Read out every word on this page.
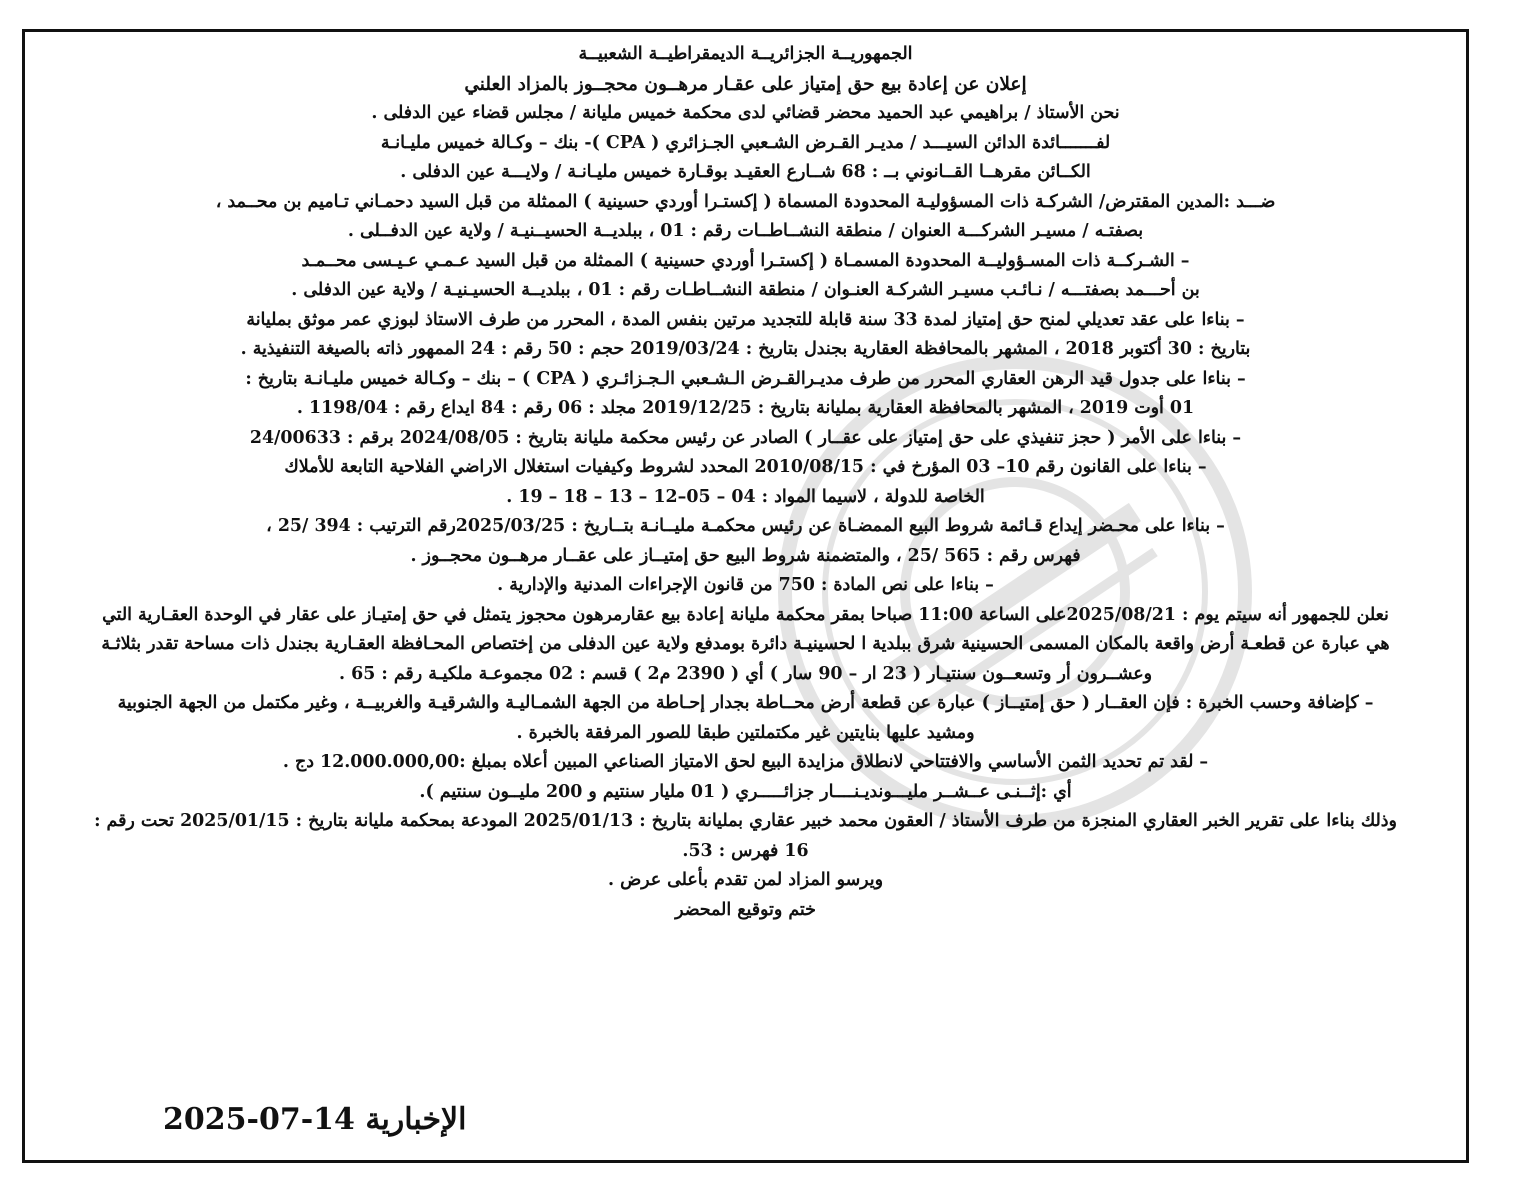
الجمهوريــة الجزائريــة الديمقراطيــة الشعبيــة

إعلان عن إعادة بيع حق إمتياز على عقـار مرهــون محجــوز بالمزاد العلني

نحن الأستاذ / براهيمي عبد الحميد محضر قضائي لدى محكمة خميس مليانة / مجلس قضاء عين الدفلى .

لفـــــــائدة الدائن السيـــد / مديـر القـرض الشـعبي الجـزائري ( CPA )- بنك – وكـالة خميس مليـانـة

الكــائن مقرهــا القــانوني بــ : 68 شــارع العقيـد بوقـارة خميس مليـانـة / ولايـــة عين الدفلى .

ضـــد :المدين المقترض/ الشركـة ذات المسؤوليـة المحدودة المسماة ( إكستـرا أوردي حسينية ) الممثلة من قبل السيد دحمـاني تـاميم بن محــمد ،

بصفتـه / مسيـر الشركـــة العنوان / منطقة النشــاطــات رقم : 01 ، ببلديــة الحسيــنيـة / ولاية عين الدفــلى .

– الشـركــة ذات المسـؤوليــة المحدودة المسمـاة ( إكستـرا أوردي حسينية ) الممثلة من قبل السيد عـمـي عـيـسى محــمـد

بن أحـــمد بصفتـــه / نـائـب مسيـر الشركـة العنـوان / منطقة النشــاطـات رقم : 01 ، ببلديــة الحسيـنيـة / ولاية عين الدفلى .

– بناءا على عقد تعديلي لمنح حق إمتياز لمدة 33 سنة قابلة للتجديد مرتين بنفس المدة ، المحرر من طرف الاستاذ لبوزي عمر موثق بمليانة

بتاريخ : 30 أكتوبر 2018 ، المشهر بالمحافظة العقارية بجندل بتاريخ : 2019/03/24 حجم : 50 رقم : 24 الممهور ذاته بالصيغة التنفيذية .

– بناءا على جدول قيد الرهن العقاري المحرر من طرف مديـرالقـرض الـشـعبي الـجـزائـري ( CPA ) – بنك – وكـالة خميس مليـانـة بتاريخ :

01 أوت 2019 ، المشهر بالمحافظة العقارية بمليانة بتاريخ : 2019/12/25 مجلد : 06 رقم : 84 ايداع رقم : 1198/04 .

– بناءا على الأمر ( حجز تنفيذي على حق إمتياز على عقــار ) الصادر عن رئيس محكمة مليانة بتاريخ : 2024/08/05 برقم : 24/00633

– بناءا على القانون رقم 10– 03 المؤرخ في : 2010/08/15 المحدد لشروط وكيفيات استغلال الاراضي الفلاحية التابعة للأملاك

الخاصة للدولة ، لاسيما المواد : 04 – 05–12 – 13 – 18 – 19 .

– بناءا على محـضر إيداع قـائمة شروط البيع الممضـاة عن رئيس محكمـة مليــانـة بتــاريخ : 2025/03/25رقم الترتيب : 394 /25 ،

فهرس رقم : 565 /25 ، والمتضمنة شروط البيع حق إمتيــاز على عقــار مرهــون محجــوز .

– بناءا على نص المادة : 750 من قانون الإجراءات المدنية والإدارية .

نعلن للجمهور أنه سيتم يوم : 2025/08/21على الساعة 11:00 صباحا بمقر محكمة مليانة إعادة بيع عقارمرهون محجوز يتمثل في حق إمتيـاز على عقار في الوحدة العقـارية التي

هي عبارة عن قطعـة أرض واقعة بالمكان المسمى الحسينية شرق ببلدية ا لحسينيـة دائرة بومدفع ولاية عين الدفلى من إختصاص المحـافظة العقـارية بجندل ذات مساحة تقدر بثلاثـة

وعشــرون أر وتسعــون سنتيـار ( 23 ار – 90 سار ) أي ( 2390 م2 ) قسم : 02 مجموعـة ملكيـة رقم : 65 .

– كإضافة وحسب الخبرة : فإن العقــار ( حق إمتيــاز ) عبارة عن قطعة أرض محــاطة بجدار إحـاطة من الجهة الشمـاليـة والشرقيـة والغربيــة ، وغير مكتمل من الجهة الجنوبية

ومشيد عليها بنايتين غير مكتملتين طبقا للصور المرفقة بالخبرة .

– لقد تم تحديد الثمن الأساسي والافتتاحي لانطلاق مزايدة البيع لحق الامتياز الصناعي المبين أعلاه بمبلغ :12.000.000,00 دج .

أي :إثــنـى عــشــر مليـــونديـنــــار جزائـــــري ( 01 مليار سنتيم و 200 مليــون سنتيم ).

وذلك بناءا على تقرير الخبر العقاري المنجزة من طرف الأستاذ / العقون محمد خبير عقاري بمليانة بتاريخ : 2025/01/13 المودعة بمحكمة مليانة بتاريخ : 2025/01/15 تحت رقم :

16 فهرس : 53.

ويرسو المزاد لمن تقدم بأعلى عرض .

ختم وتوقيع المحضر

2025-07-14 الإخبارية
